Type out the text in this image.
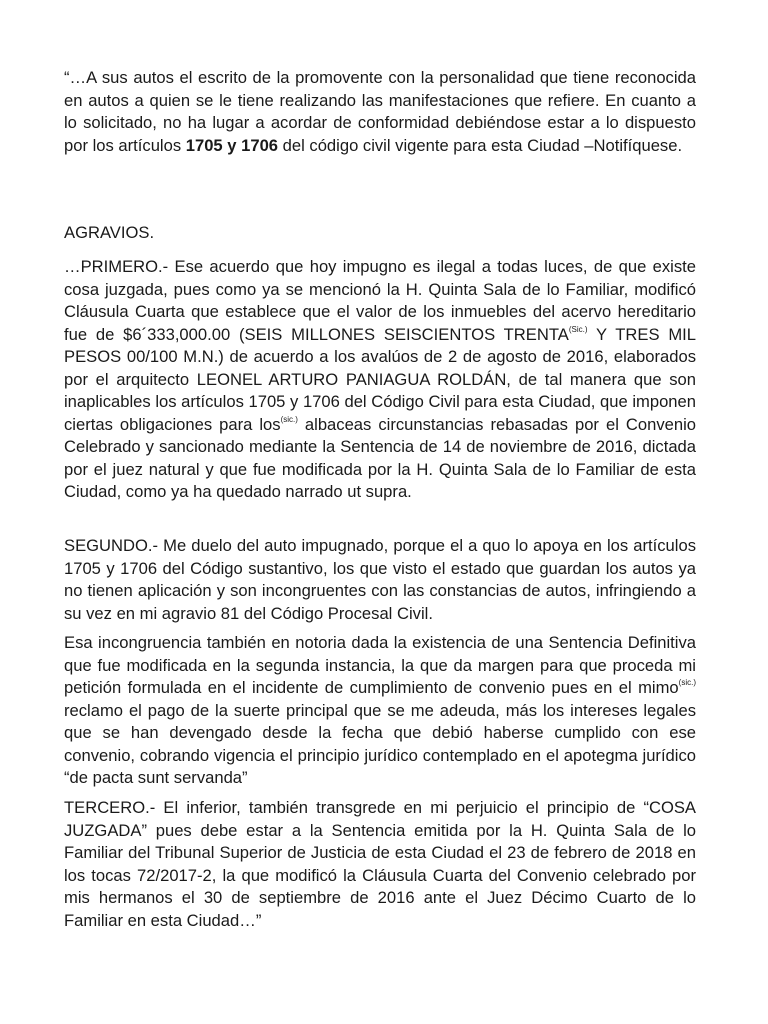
“…A sus autos el escrito de la promovente con la personalidad que tiene reconocida en autos a quien se le tiene realizando las manifestaciones que refiere. En cuanto a lo solicitado, no ha lugar a acordar de conformidad debiéndose estar a lo dispuesto por los artículos 1705 y 1706 del código civil vigente para esta Ciudad –Notifíquese.

AGRAVIOS.

…PRIMERO.- Ese acuerdo que hoy impugno es ilegal a todas luces, de que existe cosa juzgada, pues como ya se mencionó la H. Quinta Sala de lo Familiar, modificó Cláusula Cuarta que establece que el valor de los inmuebles del acervo hereditario fue de $6´333,000.00 (SEIS MILLONES SEISCIENTOS $TRENTA^{(Sic.)}$ Y TRES MIL PESOS 00/100 M.N.) de acuerdo a los avalúos de 2 de agosto de 2016, elaborados por el arquitecto LEONEL ARTURO PANIAGUA ROLDÁN, de tal manera que son inaplicables los artículos 1705 y 1706 del Código Civil para esta Ciudad, que imponen ciertas obligaciones para los$^{(sic.)}$ albaceas circunstancias rebasadas por el Convenio Celebrado y sancionado mediante la Sentencia de 14 de noviembre de 2016, dictada por el juez natural y que fue modificada por la H. Quinta Sala de lo Familiar de esta Ciudad, como ya ha quedado narrado ut supra.

SEGUNDO.- Me duelo del auto impugnado, porque el a quo lo apoya en los artículos 1705 y 1706 del Código sustantivo, los que visto el estado que guardan los autos ya no tienen aplicación y son incongruentes con las constancias de autos, infringiendo a su vez en mi agravio 81 del Código Procesal Civil.

Esa incongruencia también en notoria dada la existencia de una Sentencia Definitiva que fue modificada en la segunda instancia, la que da margen para que proceda mi petición formulada en el incidente de cumplimiento de convenio pues en el mimo$^{(sic.)}$ reclamo el pago de la suerte principal que se me adeuda, más los intereses legales que se han devengado desde la fecha que debió haberse cumplido con ese convenio, cobrando vigencia el principio jurídico contemplado en el apotegma jurídico “de pacta sunt servanda”

TERCERO.- El inferior, también transgrede en mi perjuicio el principio de “COSA JUZGADA” pues debe estar a la Sentencia emitida por la H. Quinta Sala de lo Familiar del Tribunal Superior de Justicia de esta Ciudad el 23 de febrero de 2018 en los tocas 72/2017-2, la que modificó la Cláusula Cuarta del Convenio celebrado por mis hermanos el 30 de septiembre de 2016 ante el Juez Décimo Cuarto de lo Familiar en esta Ciudad…”
